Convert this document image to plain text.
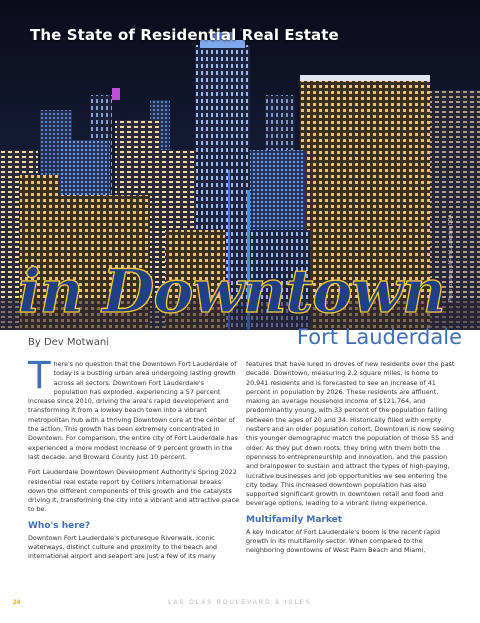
The State of Residential Real Estate
Photo courtesy of Fort Lauderdale DDA
in Downtown
Fort Lauderdale

By Dev Motwani

There's no question that the Downtown Fort Lauderdale of today is a bustling urban area undergoing lasting growth across all sectors. Downtown Fort Lauderdale's population has exploded, experiencing a 57 percent increase since 2010, driving the area's rapid development and transforming it from a lowkey beach town into a vibrant metropolitan hub with a thriving Downtown core at the center of the action. This growth has been extremely concentrated in Downtown. For comparison, the entire city of Fort Lauderdale has experienced a more modest increase of 9 percent growth in the last decade, and Broward County just 10 percent.

Fort Lauderdale Downtown Development Authority's Spring 2022 residential real estate report by Colliers International breaks down the different components of this growth and the catalysts driving it, transforming the city into a vibrant and attractive place to be.

Who's here?

Downtown Fort Lauderdale's picturesque Riverwalk, iconic waterways, distinct culture and proximity to the beach and international airport and seaport are just a few of its many

features that have lured in droves of new residents over the past decade. Downtown, measuring 2.2 square miles, is home to 20,941 residents and is forecasted to see an increase of 41 percent in population by 2026. These residents are affluent, making an average household income of $121,764, and predominantly young, with 33 percent of the population falling between the ages of 20 and 34. Historically filled with empty nesters and an older population cohort, Downtown is now seeing this younger demographic match the population of those 55 and older. As they put down roots, they bring with them both the openness to entrepreneurship and innovation, and the passion and brainpower to sustain and attract the types of high-paying, lucrative businesses and job opportunities we see entering the city today. This increased downtown population has also supported significant growth in downtown retail and food and beverage options, leading to a vibrant living experience.

Multifamily Market

A key indicator of Fort Lauderdale's boom is the recent rapid growth in its multifamily sector. When compared to the neighboring downtowns of West Palm Beach and Miami,

24	LAS OLAS BOULEVARD & ISLES
